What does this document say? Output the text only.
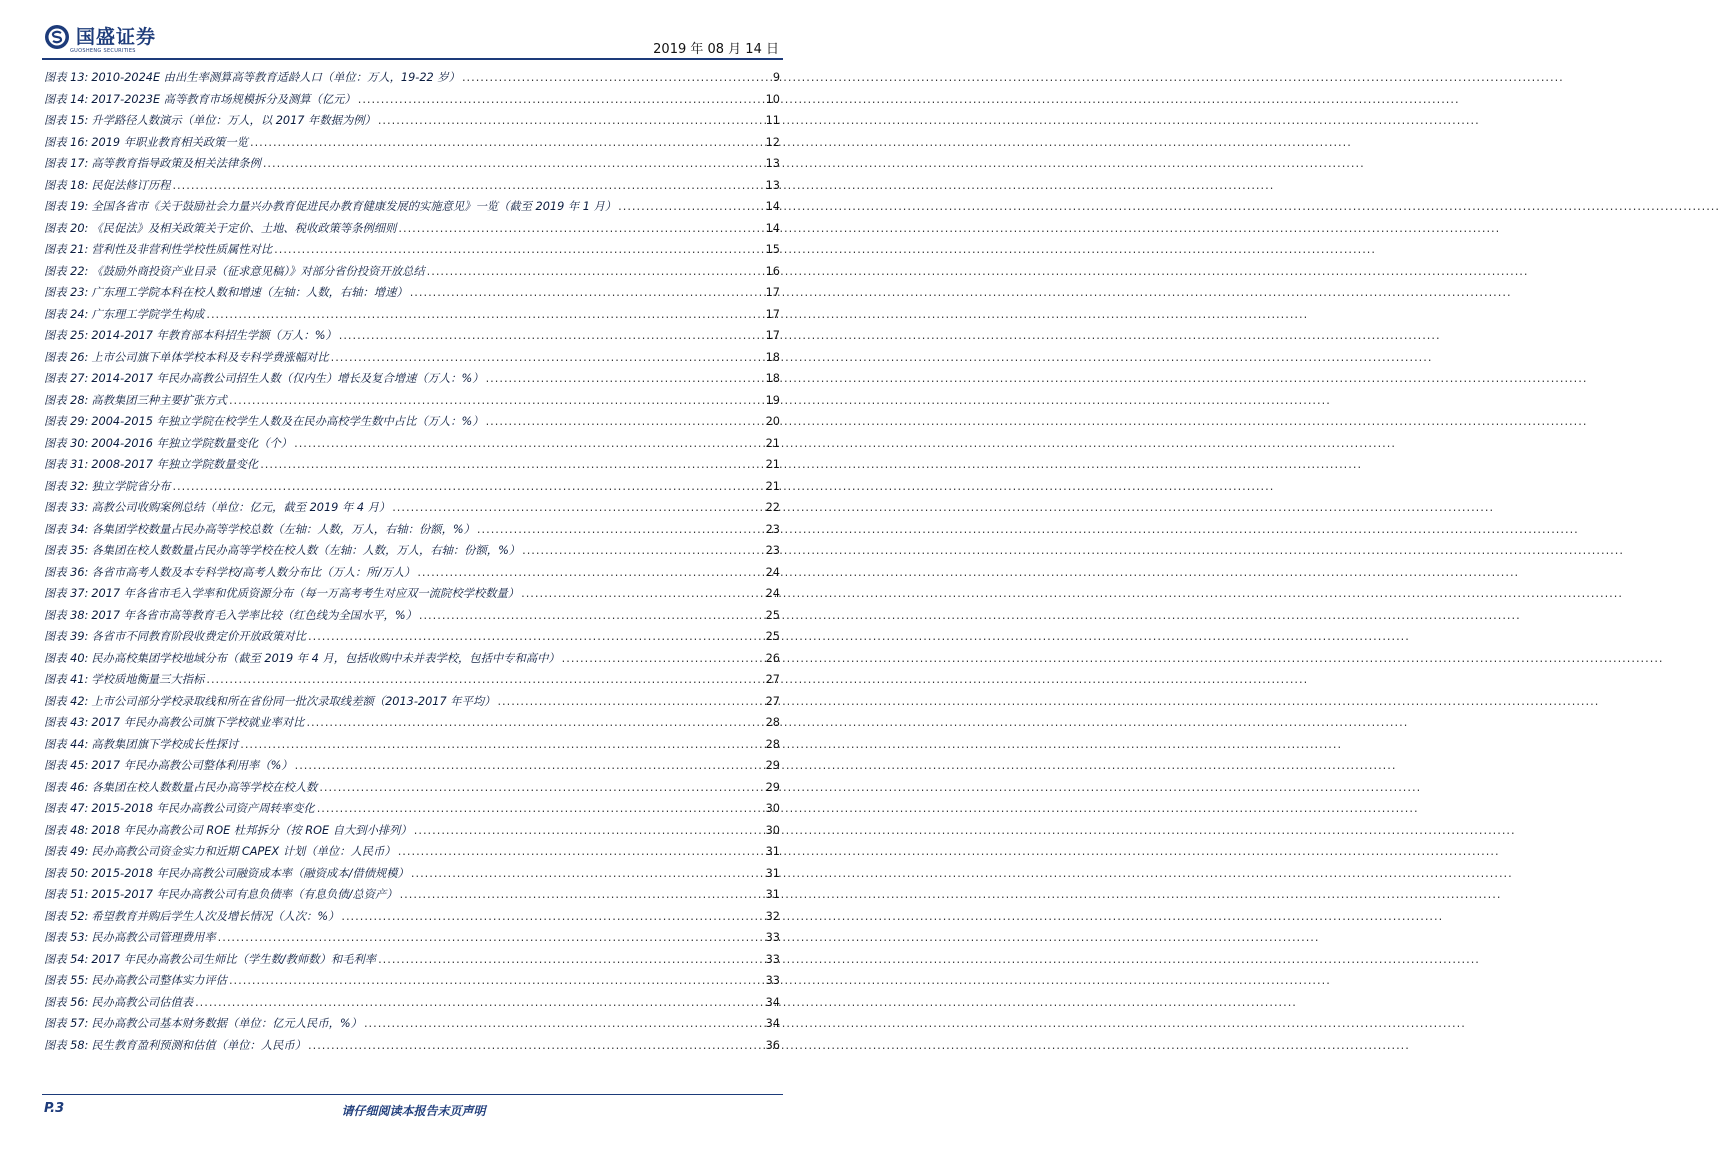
国盛证券
GUOSHENG SECURITIES	2019 年 08 月 14 日
图表 13: 2010-2024E 由出生率测算高等教育适龄人口（单位：万人，19-22 岁） .....	9
图表 14: 2017-2023E 高等教育市场规模拆分及测算（亿元） .....	10
图表 15: 升学路径人数演示（单位：万人，以 2017 年数据为例） .....	11
图表 16: 2019 年职业教育相关政策一览 .....	12
图表 17: 高等教育指导政策及相关法律条例 .....	13
图表 18: 民促法修订历程 .....	13
图表 19: 全国各省市《关于鼓励社会力量兴办教育促进民办教育健康发展的实施意见》一览（截至 2019 年 1 月） .....	14
图表 20: 《民促法》及相关政策关于定价、土地、税收政策等条例细则 .....	14
图表 21: 营利性及非营利性学校性质属性对比 .....	15
图表 22: 《鼓励外商投资产业目录（征求意见稿）》对部分省份投资开放总结 .....	16
图表 23: 广东理工学院本科在校人数和增速（左轴：人数，右轴：增速） .....	17
图表 24: 广东理工学院学生构成 .....	17
图表 25: 2014-2017 年教育部本科招生学额（万人：%） .....	17
图表 26: 上市公司旗下单体学校本科及专科学费涨幅对比 .....	18
图表 27: 2014-2017 年民办高教公司招生人数（仅内生）增长及复合增速（万人：%） .....	18
图表 28: 高教集团三种主要扩张方式 .....	19
图表 29: 2004-2015 年独立学院在校学生人数及在民办高校学生数中占比（万人：%） .....	20
图表 30: 2004-2016 年独立学院数量变化（个） .....	21
图表 31: 2008-2017 年独立学院数量变化 .....	21
图表 32: 独立学院省分布 .....	21
图表 33: 高教公司收购案例总结（单位：亿元，截至 2019 年 4 月） .....	22
图表 34: 各集团学校数量占民办高等学校总数（左轴：人数，万人，右轴：份额，%） .....	23
图表 35: 各集团在校人数数量占民办高等学校在校人数（左轴：人数，万人，右轴：份额，%） .....	23
图表 36: 各省市高考人数及本专科学校/高考人数分布比（万人：所/万人） .....	24
图表 37: 2017 年各省市毛入学率和优质资源分布（每一万高考考生对应双一流院校学校数量） .....	24
图表 38: 2017 年各省市高等教育毛入学率比较（红色线为全国水平，%） .....	25
图表 39: 各省市不同教育阶段收费定价开放政策对比 .....	25
图表 40: 民办高校集团学校地域分布（截至 2019 年 4 月，包括收购中未并表学校，包括中专和高中） .....	26
图表 41: 学校质地衡量三大指标 .....	27
图表 42: 上市公司部分学校录取线和所在省份同一批次录取线差额（2013-2017 年平均） .....	27
图表 43: 2017 年民办高教公司旗下学校就业率对比 .....	28
图表 44: 高教集团旗下学校成长性探讨 .....	28
图表 45: 2017 年民办高教公司整体利用率（%） .....	29
图表 46: 各集团在校人数数量占民办高等学校在校人数 .....	29
图表 47: 2015-2018 年民办高教公司资产周转率变化 .....	30
图表 48: 2018 年民办高教公司 ROE 杜邦拆分（按 ROE 自大到小排列） .....	30
图表 49: 民办高教公司资金实力和近期 CAPEX 计划（单位：人民币） .....	31
图表 50: 2015-2018 年民办高教公司融资成本率（融资成本/借债规模） .....	31
图表 51: 2015-2017 年民办高教公司有息负债率（有息负债/总资产） .....	31
图表 52: 希望教育并购后学生人次及增长情况（人次：%） .....	32
图表 53: 民办高教公司管理费用率 .....	33
图表 54: 2017 年民办高教公司生师比（学生数/教师数）和毛利率 .....	33
图表 55: 民办高教公司整体实力评估 .....	33
图表 56: 民办高教公司估值表 .....	34
图表 57: 民办高教公司基本财务数据（单位：亿元人民币，%） .....	34
图表 58: 民生教育盈利预测和估值（单位：人民币） .....	36
P.3	请仔细阅读本报告末页声明
